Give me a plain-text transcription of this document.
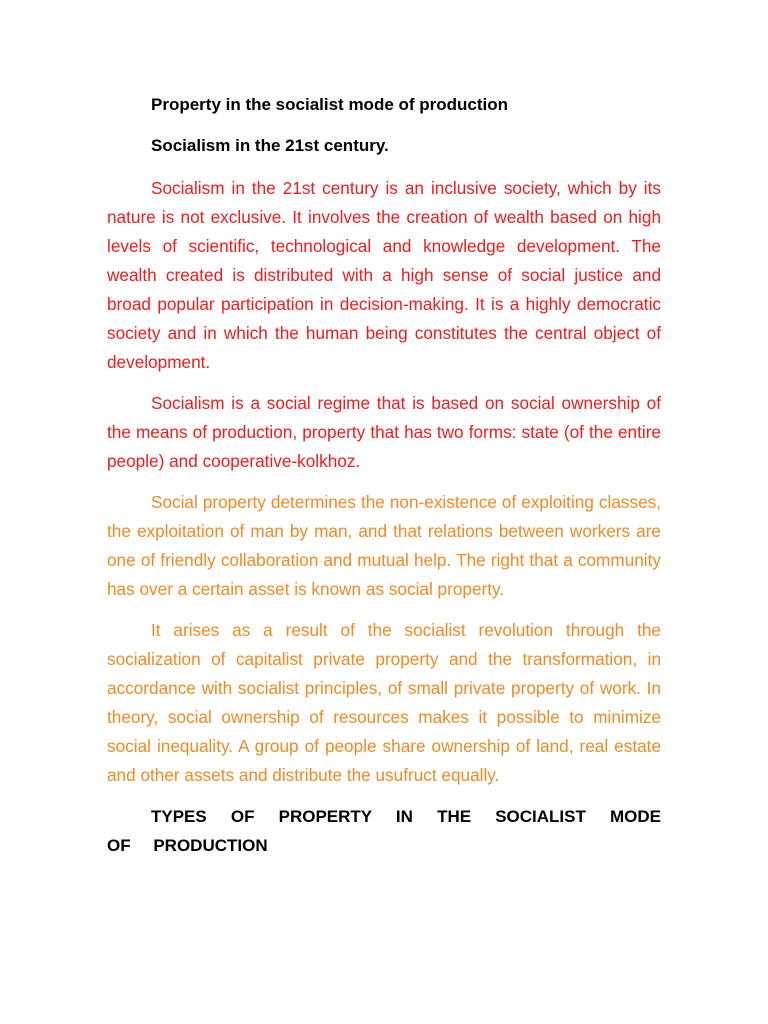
Property in the socialist mode of production

Socialism in the 21st century.

Socialism in the 21st century is an inclusive society, which by its nature is not exclusive. It involves the creation of wealth based on high levels of scientific, technological and knowledge development. The wealth created is distributed with a high sense of social justice and broad popular participation in decision-making. It is a highly democratic society and in which the human being constitutes the central object of development.

Socialism is a social regime that is based on social ownership of the means of production, property that has two forms: state (of the entire people) and cooperative-kolkhoz.

Social property determines the non-existence of exploiting classes, the exploitation of man by man, and that relations between workers are one of friendly collaboration and mutual help. The right that a community has over a certain asset is known as social property.

It arises as a result of the socialist revolution through the socialization of capitalist private property and the transformation, in accordance with socialist principles, of small private property of work. In theory, social ownership of resources makes it possible to minimize social inequality. A group of people share ownership of land, real estate and other assets and distribute the usufruct equally.

TYPES OF PROPERTY IN THE SOCIALIST MODE OF PRODUCTION
